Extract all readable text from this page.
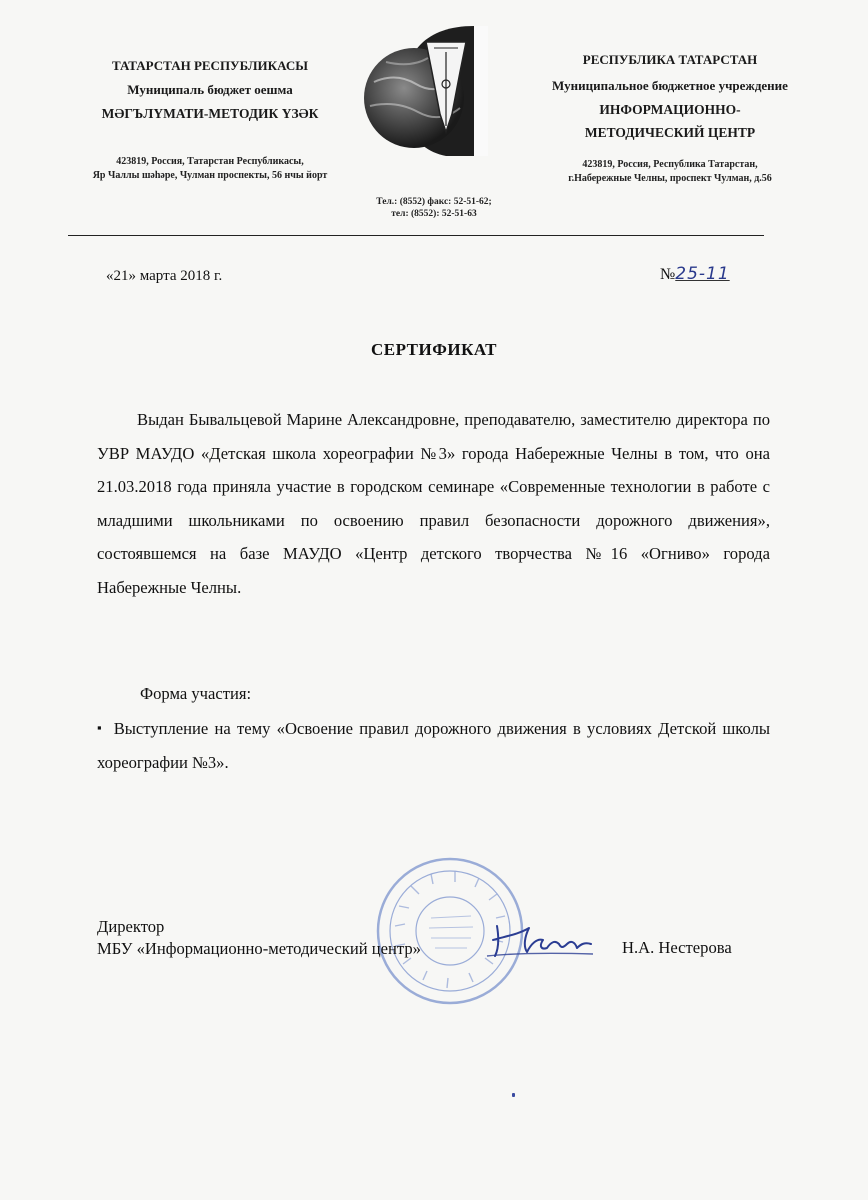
ТАТАРСТАН РЕСПУБЛИКАСЫ
Муниципаль бюджет оешма
МӘГЪЛҮМАТИ-МЕТОДИК ҮЗӘК
423819, Россия, Татарстан Республикасы,
Яр Чаллы шәһәре, Чулман проспекты, 56 нчы йорт
РЕСПУБЛИКА ТАТАРСТАН
Муниципальное бюджетное учреждение
ИНФОРМАЦИОННО-
МЕТОДИЧЕСКИЙ ЦЕНТР
423819, Россия, Республика Татарстан,
г.Набережные Челны, проспект Чулман, д.56
Тел.: (8552) факс: 52-51-62;
тел: (8552): 52-51-63
«21» марта 2018 г.	№25-11
СЕРТИФИКАТ

Выдан Бывальцевой Марине Александровне, преподавателю, заместителю директора по УВР МАУДО «Детская школа хореографии №3» города Набережные Челны в том, что она 21.03.2018 года приняла участие в городском семинаре «Современные технологии в работе с младшими школьниками по освоению правил безопасности дорожного движения», состоявшемся на базе МАУДО «Центр детского творчества №16 «Огниво» города Набережные Челны.

Форма участия:
▪ Выступление на тему «Освоение правил дорожного движения в условиях Детской школы хореографии №3».
Директор
МБУ «Информационно-методический центр»	Н.А. Нестерова
